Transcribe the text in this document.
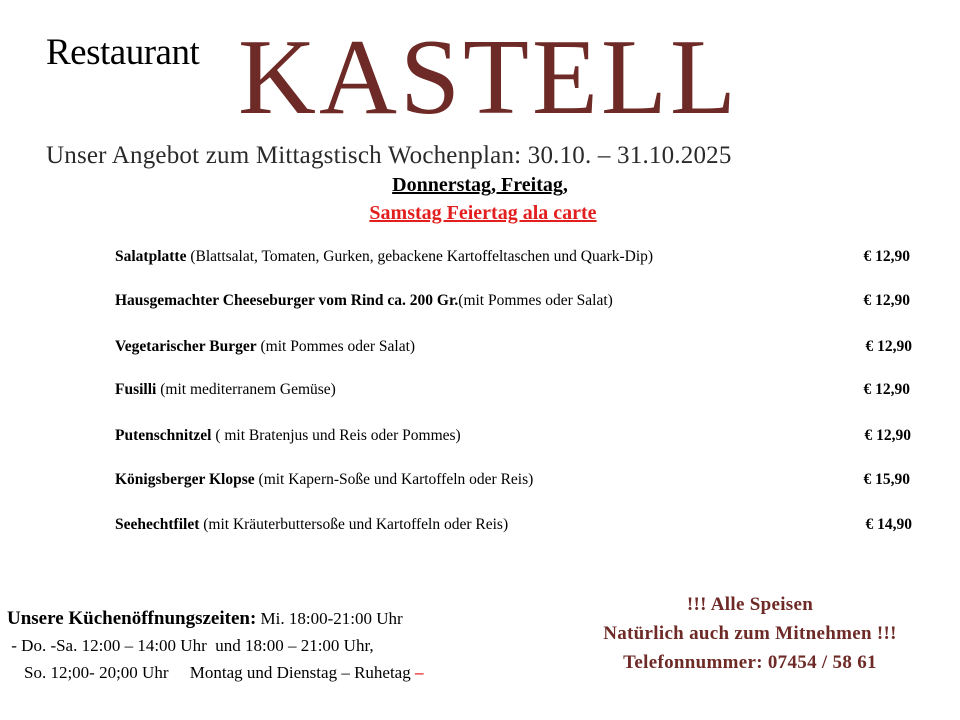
Restaurant KASTELL
Unser Angebot zum Mittagstisch Wochenplan: 30.10. – 31.10.2025
Donnerstag, Freitag,
Samstag Feiertag ala carte
Salatplatte (Blattsalat, Tomaten, Gurken, gebackene Kartoffeltaschen und Quark-Dip)	€ 12,90
Hausgemachter Cheeseburger vom Rind ca. 200 Gr.(mit Pommes oder Salat)	€ 12,90
Vegetarischer Burger (mit Pommes oder Salat)	€ 12,90
Fusilli (mit mediterranem Gemüse)	€ 12,90
Putenschnitzel ( mit Bratenjus und Reis oder Pommes)	€ 12,90
Königsberger Klopse (mit Kapern-Soße und Kartoffeln oder Reis)	€ 15,90
Seehechtfilet (mit Kräuterbuttersoße und Kartoffeln oder Reis)	€ 14,90
Unsere Küchenöffnungszeiten: Mi. 18:00-21:00 Uhr
- Do. -Sa. 12:00 – 14:00 Uhr  und 18:00 – 21:00 Uhr,
So. 12;00- 20;00 Uhr     Montag und Dienstag – Ruhetag –
!!! Alle Speisen
Natürlich auch zum Mitnehmen !!!
Telefonnummer: 07454 / 58 61
